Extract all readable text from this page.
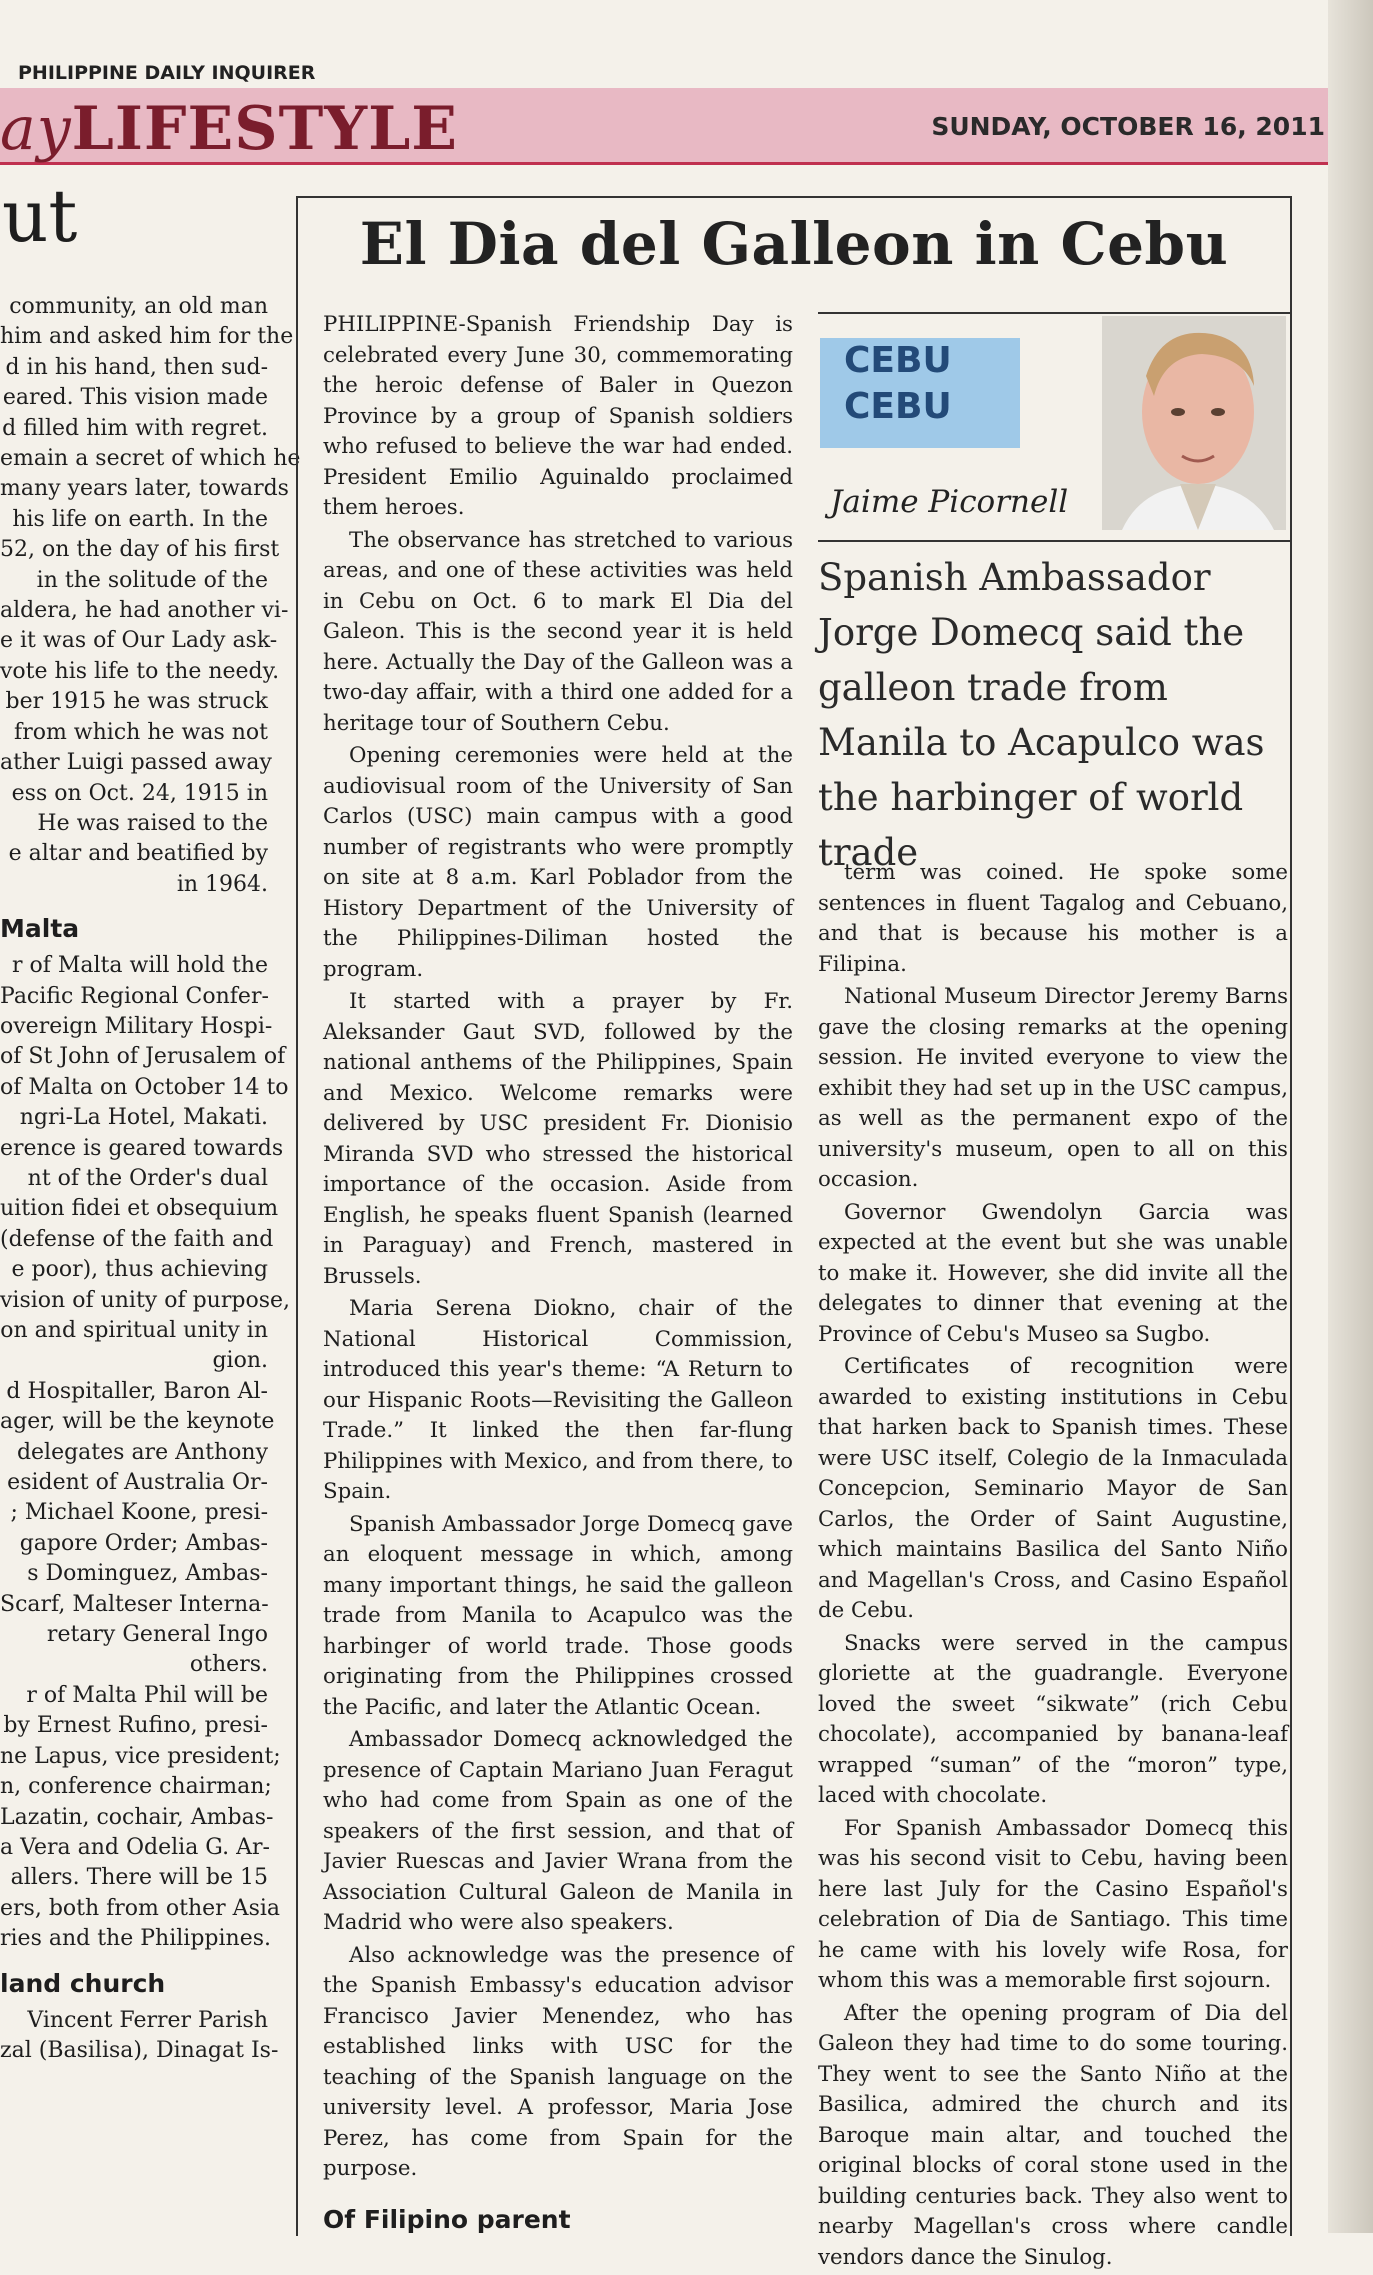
PHILIPPINE DAILY INQUIRER
ayLIFESTYLE	SUNDAY, OCTOBER 16, 2011
ut

community, an old man

him and asked him for the

d in his hand, then sud-

eared. This vision made

d filled him with regret.

emain a secret of which he

many years later, towards

his life on earth. In the

52, on the day of his first

in the solitude of the

aldera, he had another vi-

e it was of Our Lady ask-

vote his life to the needy.

ber 1915 he was struck

from which he was not

ather Luigi passed away

ess on Oct. 24, 1915 in

He was raised to the

e altar and beatified by

in 1964.

Malta

r of Malta will hold the

Pacific Regional Confer-

overeign Military Hospi-

of St John of Jerusalem of

of Malta on October 14 to

ngri-La Hotel, Makati.

erence is geared towards

nt of the Order's dual

uition fidei et obsequium

(defense of the faith and

e poor), thus achieving

vision of unity of purpose,

on and spiritual unity in

gion.

d Hospitaller, Baron Al-

ager, will be the keynote

delegates are Anthony

esident of Australia Or-

; Michael Koone, presi-

gapore Order; Ambas-

s Dominguez, Ambas-

Scarf, Malteser Interna-

retary General Ingo

others.

r of Malta Phil will be

by Ernest Rufino, presi-

ne Lapus, vice president;

n, conference chairman;

Lazatin, cochair, Ambas-

a Vera and Odelia G. Ar-

allers. There will be 15

ers, both from other Asia

ries and the Philippines.

land church

Vincent Ferrer Parish

zal (Basilisa), Dinagat Is-

El Dia del Galleon in Cebu

PHILIPPINE-Spanish Friendship Day is celebrated every June 30, commemorating the heroic defense of Baler in Quezon Province by a group of Spanish soldiers who refused to believe the war had ended. President Emilio Aguinaldo proclaimed them heroes.

The observance has stretched to various areas, and one of these activities was held in Cebu on Oct. 6 to mark El Dia del Galeon. This is the second year it is held here. Actually the Day of the Galleon was a two-day affair, with a third one added for a heritage tour of Southern Cebu.

Opening ceremonies were held at the audiovisual room of the University of San Carlos (USC) main campus with a good number of registrants who were promptly on site at 8 a.m. Karl Poblador from the History Department of the University of the Philippines-Diliman hosted the program.

It started with a prayer by Fr. Aleksander Gaut SVD, followed by the national anthems of the Philippines, Spain and Mexico. Welcome remarks were delivered by USC president Fr. Dionisio Miranda SVD who stressed the historical importance of the occasion. Aside from English, he speaks fluent Spanish (learned in Paraguay) and French, mastered in Brussels.

Maria Serena Diokno, chair of the National Historical Commission, introduced this year's theme: “A Return to our Hispanic Roots—Revisiting the Galleon Trade.” It linked the then far-flung Philippines with Mexico, and from there, to Spain.

Spanish Ambassador Jorge Domecq gave an eloquent message in which, among many important things, he said the galleon trade from Manila to Acapulco was the harbinger of world trade. Those goods originating from the Philippines crossed the Pacific, and later the Atlantic Ocean.

Ambassador Domecq acknowledged the presence of Captain Mariano Juan Feragut who had come from Spain as one of the speakers of the first session, and that of Javier Ruescas and Javier Wrana from the Association Cultural Galeon de Manila in Madrid who were also speakers.

Also acknowledge was the presence of the Spanish Embassy's education advisor Francisco Javier Menendez, who has established links with USC for the teaching of the Spanish language on the university level. A professor, Maria Jose Perez, has come from Spain for the purpose.

Of Filipino parent
CEBU
CEBU
Jaime Picornell
Spanish Ambassador Jorge Domecq said the galleon trade from Manila to Acapulco was the harbinger of world trade

term was coined. He spoke some sentences in fluent Tagalog and Cebuano, and that is because his mother is a Filipina.

National Museum Director Jeremy Barns gave the closing remarks at the opening session. He invited everyone to view the exhibit they had set up in the USC campus, as well as the permanent expo of the university's museum, open to all on this occasion.

Governor Gwendolyn Garcia was expected at the event but she was unable to make it. However, she did invite all the delegates to dinner that evening at the Province of Cebu's Museo sa Sugbo.

Certificates of recognition were awarded to existing institutions in Cebu that harken back to Spanish times. These were USC itself, Colegio de la Inmaculada Concepcion, Seminario Mayor de San Carlos, the Order of Saint Augustine, which maintains Basilica del Santo Niño and Magellan's Cross, and Casino Español de Cebu.

Snacks were served in the campus gloriette at the guadrangle. Everyone loved the sweet “sikwate” (rich Cebu chocolate), accompanied by banana-leaf wrapped “suman” of the “moron” type, laced with chocolate.

For Spanish Ambassador Domecq this was his second visit to Cebu, having been here last July for the Casino Español's celebration of Dia de Santiago. This time he came with his lovely wife Rosa, for whom this was a memorable first sojourn.

After the opening program of Dia del Galeon they had time to do some touring. They went to see the Santo Niño at the Basilica, admired the church and its Baroque main altar, and touched the original blocks of coral stone used in the building centuries back. They also went to nearby Magellan's cross where candle vendors dance the Sinulog.
